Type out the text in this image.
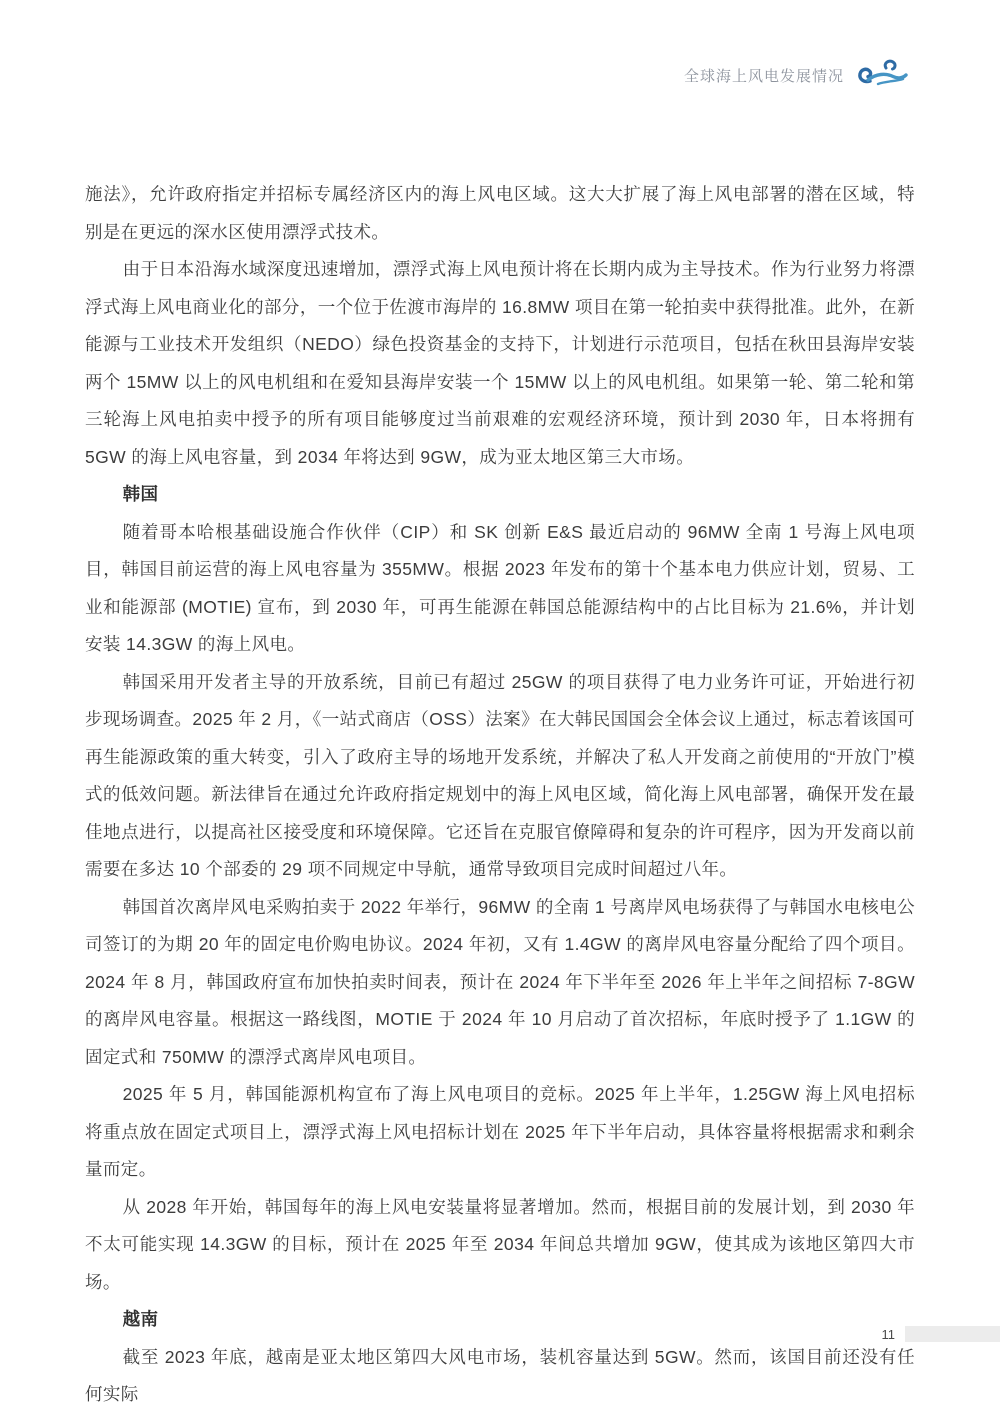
全球海上风电发展情况

施法》，允许政府指定并招标专属经济区内的海上风电区域。这大大扩展了海上风电部署的潜在区域，特别是在更远的深水区使用漂浮式技术。

由于日本沿海水域深度迅速增加，漂浮式海上风电预计将在长期内成为主导技术。作为行业努力将漂浮式海上风电商业化的部分，一个位于佐渡市海岸的 16.8MW 项目在第一轮拍卖中获得批准。此外，在新能源与工业技术开发组织（NEDO）绿色投资基金的支持下，计划进行示范项目，包括在秋田县海岸安装两个 15MW 以上的风电机组和在爱知县海岸安装一个 15MW 以上的风电机组。如果第一轮、第二轮和第三轮海上风电拍卖中授予的所有项目能够度过当前艰难的宏观经济环境，预计到 2030 年，日本将拥有 5GW 的海上风电容量，到 2034 年将达到 9GW，成为亚太地区第三大市场。

韩国

随着哥本哈根基础设施合作伙伴（CIP）和 SK 创新 E&S 最近启动的 96MW 全南 1 号海上风电项目，韩国目前运营的海上风电容量为 355MW。根据 2023 年发布的第十个基本电力供应计划，贸易、工业和能源部 (MOTIE) 宣布，到 2030 年，可再生能源在韩国总能源结构中的占比目标为 21.6%，并计划安装 14.3GW 的海上风电。

韩国采用开发者主导的开放系统，目前已有超过 25GW 的项目获得了电力业务许可证，开始进行初步现场调查。2025 年 2 月，《一站式商店（OSS）法案》在大韩民国国会全体会议上通过，标志着该国可再生能源政策的重大转变，引入了政府主导的场地开发系统，并解决了私人开发商之前使用的“开放门”模式的低效问题。新法律旨在通过允许政府指定规划中的海上风电区域，简化海上风电部署，确保开发在最佳地点进行，以提高社区接受度和环境保障。它还旨在克服官僚障碍和复杂的许可程序，因为开发商以前需要在多达 10 个部委的 29 项不同规定中导航，通常导致项目完成时间超过八年。

韩国首次离岸风电采购拍卖于 2022 年举行，96MW 的全南 1 号离岸风电场获得了与韩国水电核电公司签订的为期 20 年的固定电价购电协议。2024 年初，又有 1.4GW 的离岸风电容量分配给了四个项目。2024 年 8 月，韩国政府宣布加快拍卖时间表，预计在 2024 年下半年至 2026 年上半年之间招标 7-8GW 的离岸风电容量。根据这一路线图，MOTIE 于 2024 年 10 月启动了首次招标，年底时授予了 1.1GW 的固定式和 750MW 的漂浮式离岸风电项目。

2025 年 5 月，韩国能源机构宣布了海上风电项目的竞标。2025 年上半年，1.25GW 海上风电招标将重点放在固定式项目上，漂浮式海上风电招标计划在 2025 年下半年启动，具体容量将根据需求和剩余量而定。

从 2028 年开始，韩国每年的海上风电安装量将显著增加。然而，根据目前的发展计划，到 2030 年不太可能实现 14.3GW 的目标，预计在 2025 年至 2034 年间总共增加 9GW，使其成为该地区第四大市场。

越南

截至 2023 年底，越南是亚太地区第四大风电市场，装机容量达到 5GW。然而，该国目前还没有任何实际

11
